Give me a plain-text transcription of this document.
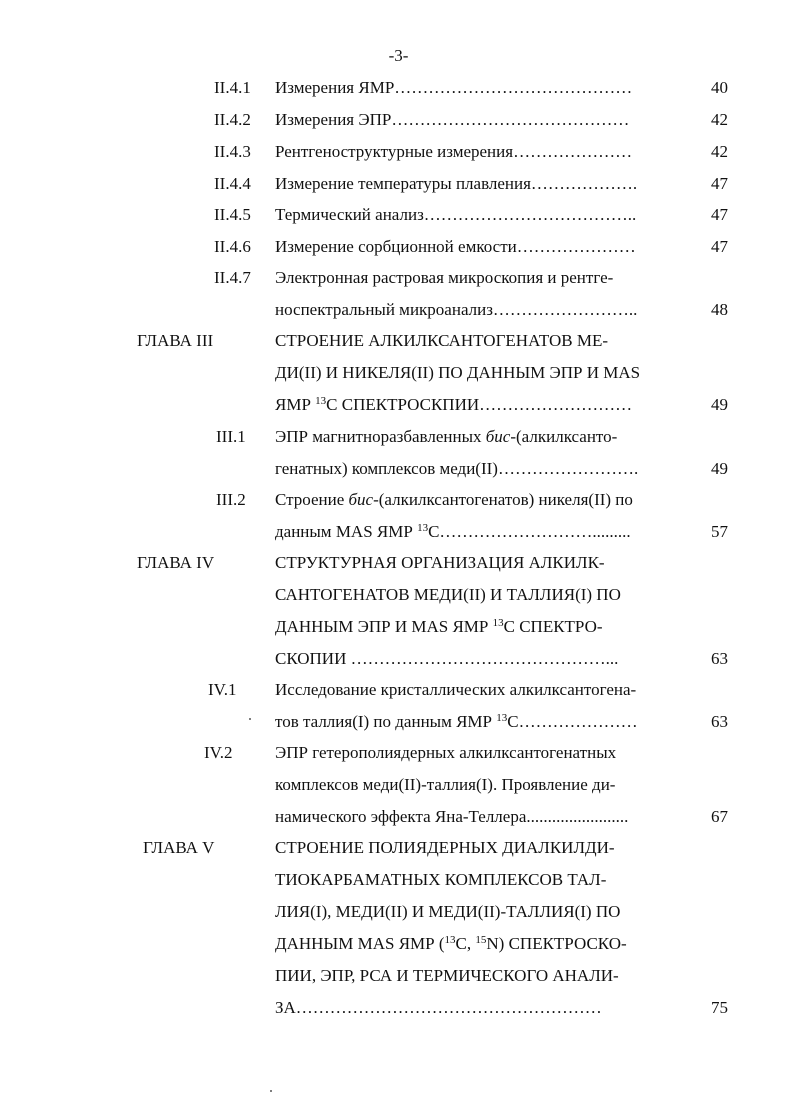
-3-
II.4.1 Измерения ЯМР……………………………………	40
II.4.2 Измерения ЭПР……………………………………	42
II.4.3 Рентгеноструктурные измерения…………………	42
II.4.4 Измерение температуры плавления……………….	47
II.4.5 Термический анализ………………………………..	47
II.4.6 Измерение сорбционной емкости…………………	47
II.4.7 Электронная растровая микроскопия и рентге-
носпектральный микроанализ……………………..	48
ГЛАВА III	СТРОЕНИЕ АЛКИЛКСАНТОГЕНАТОВ МЕ-
ДИ(II) И НИКЕЛЯ(II) ПО ДАННЫМ ЭПР И MAS
ЯМР $^{13}$С СПЕКТРОСКПИИ………………………	49
III.1 ЭПР магнитноразбавленных бис-(алкилксанто-
генатных) комплексов меди(II)…………………….	49
III.2 Строение бис-(алкилксантогенатов) никеля(II) по
данным MAS ЯМР $^{13}$С……………………….........	57
ГЛАВА IV	СТРУКТУРНАЯ ОРГАНИЗАЦИЯ АЛКИЛК-
САНТОГЕНАТОВ МЕДИ(II) И ТАЛЛИЯ(I) ПО
ДАННЫМ ЭПР И MAS ЯМР $^{13}$С СПЕКТРО-
СКОПИИ ………………………………………...	63
IV.1 Исследование кристаллических алкилксантогена-
тов таллия(I) по данным ЯМР $^{13}$С…………………	63
IV.2	ЭПР гетерополиядерных алкилксантогенатных
комплексов меди(II)-таллия(I). Проявление ди-
намического эффекта Яна-Теллера........................	67
ГЛАВА V	СТРОЕНИЕ ПОЛИЯДЕРНЫХ ДИАЛКИЛДИ-
ТИОКАРБАМАТНЫХ КОМПЛЕКСОВ ТАЛ-
ЛИЯ(I), МЕДИ(II) И МЕДИ(II)-ТАЛЛИЯ(I) ПО
ДАННЫМ MAS ЯМР ($^{13}$С, $^{15}$N) СПЕКТРОСКО-
ПИИ, ЭПР, РСА И ТЕРМИЧЕСКОГО АНАЛИ-
ЗА………………………………………………	75
